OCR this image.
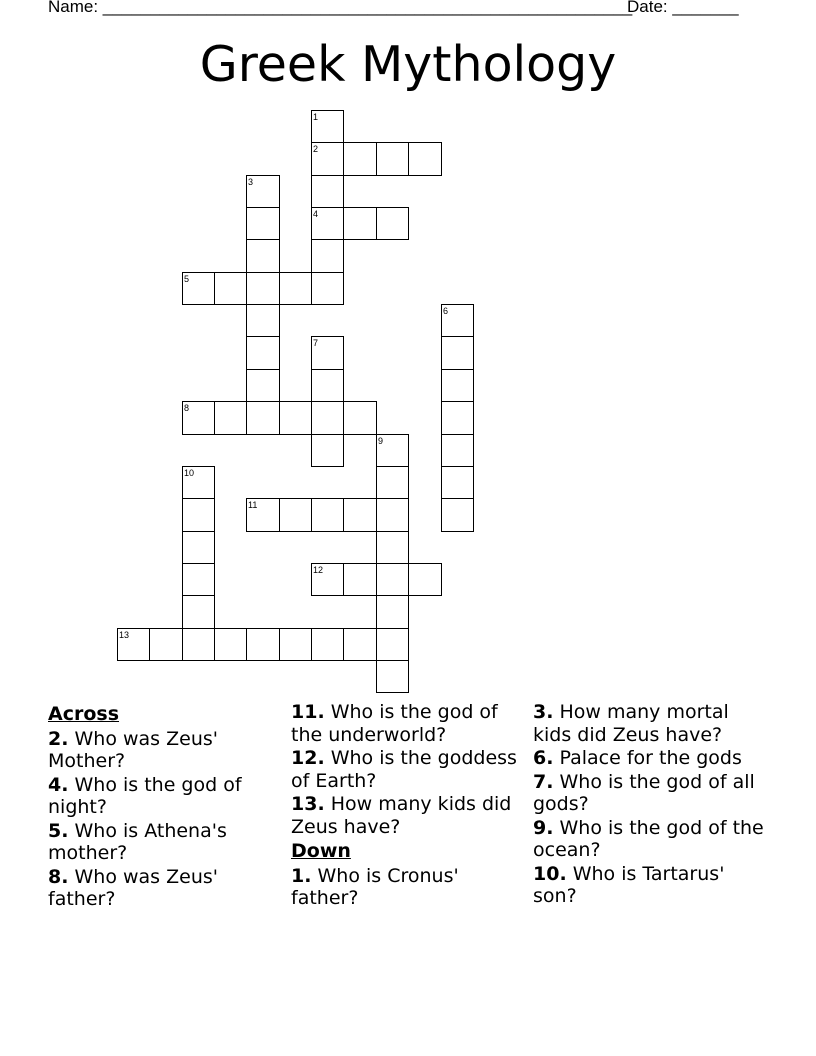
Name: ________________________________________________________
Date: _______
Greek Mythology
1
2
3
4
5
6
7
8
9
10
11
12
13
Across
2. Who was Zeus' Mother?
4. Who is the god of night?
5. Who is Athena's mother?
8. Who was Zeus' father?
11. Who is the god of the underworld?
12. Who is the goddess of Earth?
13. How many kids did Zeus have?
Down
1. Who is Cronus' father?
3. How many mortal kids did Zeus have?
6. Palace for the gods
7. Who is the god of all gods?
9. Who is the god of the ocean?
10. Who is Tartarus' son?
